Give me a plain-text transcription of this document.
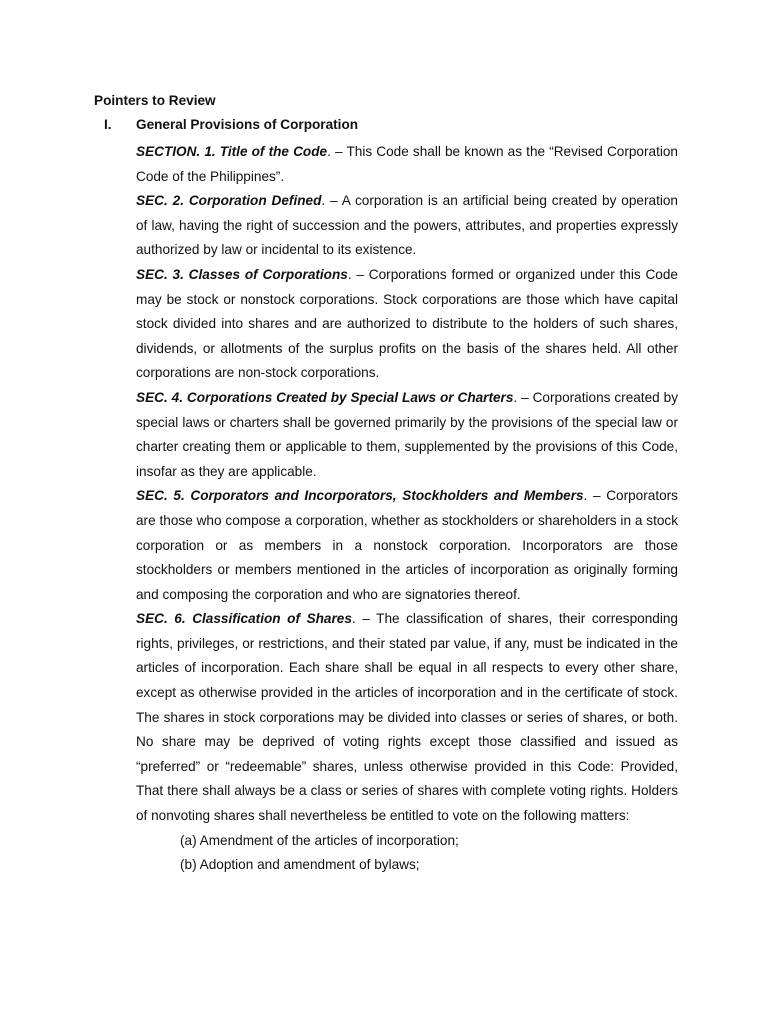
Pointers to Review
I. General Provisions of Corporation

SECTION. 1. Title of the Code. – This Code shall be known as the “Revised Corporation Code of the Philippines”.

SEC. 2. Corporation Defined. – A corporation is an artificial being created by operation of law, having the right of succession and the powers, attributes, and properties expressly authorized by law or incidental to its existence.

SEC. 3. Classes of Corporations. – Corporations formed or organized under this Code may be stock or nonstock corporations. Stock corporations are those which have capital stock divided into shares and are authorized to distribute to the holders of such shares, dividends, or allotments of the surplus profits on the basis of the shares held. All other corporations are non-stock corporations.

SEC. 4. Corporations Created by Special Laws or Charters. – Corporations created by special laws or charters shall be governed primarily by the provisions of the special law or charter creating them or applicable to them, supplemented by the provisions of this Code, insofar as they are applicable.

SEC. 5. Corporators and Incorporators, Stockholders and Members. – Corporators are those who compose a corporation, whether as stockholders or shareholders in a stock corporation or as members in a nonstock corporation. Incorporators are those stockholders or members mentioned in the articles of incorporation as originally forming and composing the corporation and who are signatories thereof.

SEC. 6. Classification of Shares. – The classification of shares, their corresponding rights, privileges, or restrictions, and their stated par value, if any, must be indicated in the articles of incorporation. Each share shall be equal in all respects to every other share, except as otherwise provided in the articles of incorporation and in the certificate of stock. The shares in stock corporations may be divided into classes or series of shares, or both. No share may be deprived of voting rights except those classified and issued as “preferred” or “redeemable” shares, unless otherwise provided in this Code: Provided, That there shall always be a class or series of shares with complete voting rights. Holders of nonvoting shares shall nevertheless be entitled to vote on the following matters:

(a) Amendment of the articles of incorporation;

(b) Adoption and amendment of bylaws;
